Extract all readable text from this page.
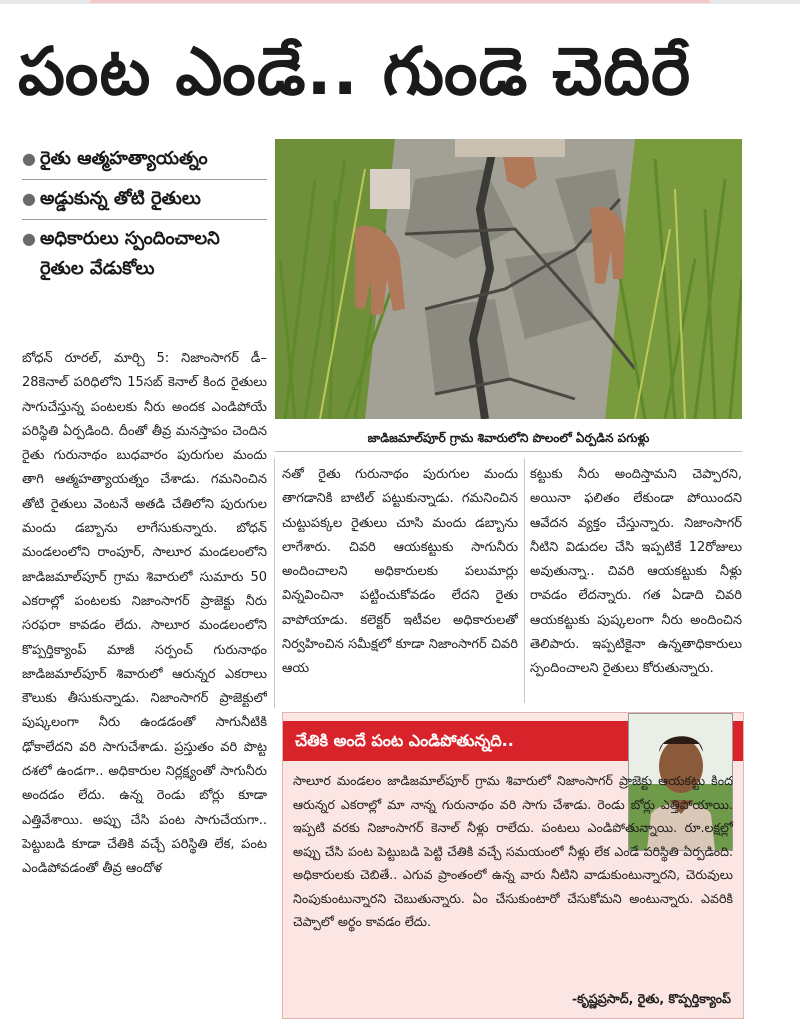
పంట ఎండే.. గుండె చెదిరే
● రైతు ఆత్మహత్యాయత్నం
● అడ్డుకున్న తోటి రైతులు
● అధికారులు స్పందించాలని రైతుల వేడుకోలు
జాడిజమాల్‌పూర్ గ్రామ శివారులోని పొలంలో ఏర్పడిన పగుళ్లు
బోధన్ రూరల్, మార్చి 5: నిజాంసాగర్ డీ–28కెనాల్ పరిధిలోని 15సబ్ కెనాల్ కింద రైతులు సాగుచేస్తున్న పంటలకు నీరు అందక ఎండిపోయే పరిస్థితి ఏర్పడింది. దీంతో తీవ్ర మనస్తాపం చెందిన రైతు గురునాథం బుధవారం పురుగుల మందు తాగి ఆత్మహత్యాయత్నం చేశాడు. గమనించిన తోటి రైతులు వెంటనే అతడి చేతిలోని పురుగుల మందు డబ్బాను లాగేసుకున్నారు. బోధన్ మండలంలోని రాంపూర్, సాలూర మండలంలోని జాడిజమాల్‌పూర్ గ్రామ శివారులో సుమారు 50 ఎకరాల్లో పంటలకు నిజాంసాగర్ ప్రాజెక్టు నీరు సరఫరా కావడం లేదు. సాలూర మండలంలోని కొప్పర్తిక్యాంప్ మాజీ సర్పంచ్ గురునాథం జాడిజమాల్‌పూర్ శివారులో ఆరున్నర ఎకరాలు కౌలుకు తీసుకున్నాడు. నిజాంసాగర్ ప్రాజెక్టులో పుష్కలంగా నీరు ఉండడంతో సాగునీటికి ఢోకాలేదని వరి సాగుచేశాడు. ప్రస్తుతం వరి పొట్ట దశలో ఉండగా.. అధికారుల నిర్లక్ష్యంతో సాగునీరు అందడం లేదు. ఉన్న రెండు బోర్లు కూడా ఎత్తివేశాయి. అప్పు చేసి పంట సాగుచేయగా.. పెట్టుబడి కూడా చేతికి వచ్చే పరిస్థితి లేక, పంట ఎండిపోవడంతో తీవ్ర ఆందోళ
నతో రైతు గురునాథం పురుగుల మందు తాగడానికి బాటిల్ పట్టుకున్నాడు. గమనించిన చుట్టుపక్కల రైతులు చూసి మందు డబ్బాను లాగేశారు. చివరి ఆయకట్టుకు సాగునీరు అందించాలని అధికారులకు పలుమార్లు విన్నవించినా పట్టించుకోవడం లేదని రైతు వాపోయాడు. కలెక్టర్ ఇటీవల అధికారులతో నిర్వహించిన సమీక్షలో కూడా నిజాంసాగర్ చివరి ఆయ
కట్టుకు నీరు అందిస్తామని చెప్పారని, అయినా ఫలితం లేకుండా పోయిందని ఆవేదన వ్యక్తం చేస్తున్నారు. నిజాంసాగర్ నీటిని విడుదల చేసి ఇప్పటికే 12రోజులు అవుతున్నా.. చివరి ఆయకట్టుకు నీళ్లు రావడం లేదన్నారు. గత ఏడాది చివరి ఆయకట్టుకు పుష్కలంగా నీరు అందించిన తెలిపారు. ఇప్పటికైనా ఉన్నతాధికారులు స్పందించాలని రైతులు కోరుతున్నారు.
చేతికి అందే పంట ఎండిపోతున్నది..
సాలూర మండలం జాడిజమాల్‌పూర్ గ్రామ శివారులో నిజాంసాగర్ ప్రాజెక్టు ఆయకట్టు కింద ఆరున్నర ఎకరాల్లో మా నాన్న గురునాథం వరి సాగు చేశాడు. రెండు బోర్లు ఎత్తిపోయాయి. ఇప్పటి వరకు నిజాంసాగర్ కెనాల్ నీళ్లు రాలేదు. పంటలు ఎండిపోతున్నాయి. రూ.లక్షల్లో అప్పు చేసి పంట పెట్టుబడి పెట్టి చేతికి వచ్చే సమయంలో నీళ్లు లేక ఎండే పరిస్థితి ఏర్పడింది. అధికారులకు చెబితే.. ఎగువ ప్రాంతంలో ఉన్న వారు నీటిని వాడుకుంటున్నారని, చెరువులు నింపుకుంటున్నారని చెబుతున్నారు. ఏం చేసుకుంటారో చేసుకోమని అంటున్నారు. ఎవరికి చెప్పాలో అర్థం కావడం లేదు.
-కృష్ణప్రసాద్, రైతు, కొప్పర్తిక్యాంప్
